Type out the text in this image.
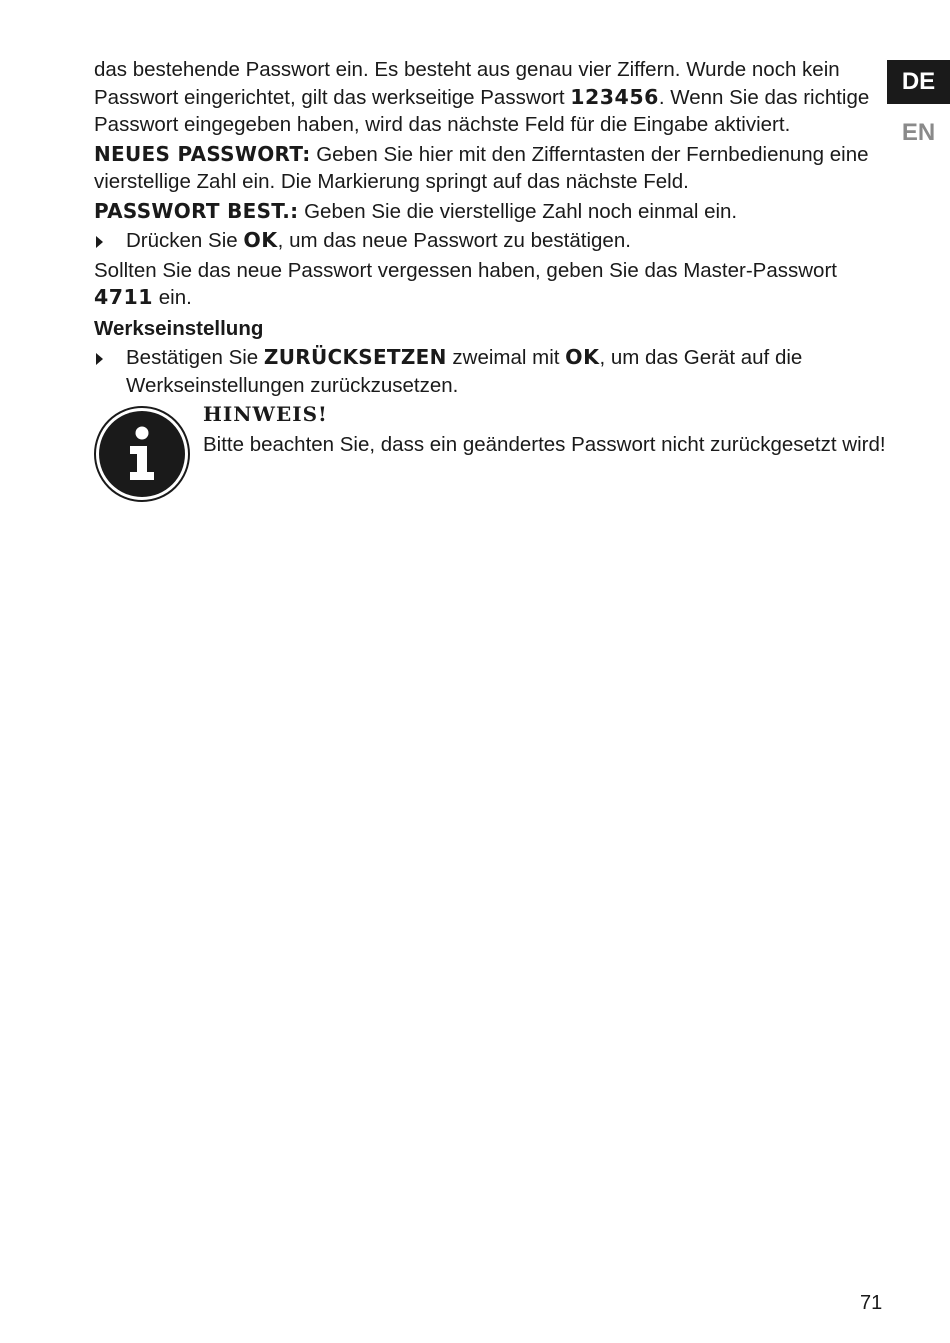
das bestehende Passwort ein. Es besteht aus genau vier Ziffern. Wurde noch kein Passwort eingerichtet, gilt das werkseitige Passwort 123456. Wenn Sie das richtige Passwort eingegeben haben, wird das nächste Feld für die Eingabe aktiviert.

NEUES PASSWORT: Geben Sie hier mit den Zifferntasten der Fernbedienung eine vierstellige Zahl ein. Die Markierung springt auf das nächste Feld.

PASSWORT BEST.: Geben Sie die vierstellige Zahl noch einmal ein.

Drücken Sie OK, um das neue Passwort zu bestätigen.

Sollten Sie das neue Passwort vergessen haben, geben Sie das Master-Passwort 4711 ein.

Werkseinstellung

Bestätigen Sie ZURÜCKSETZEN zweimal mit OK, um das Gerät auf die Werkseinstellungen zurückzusetzen.

HINWEIS!
Bitte beachten Sie, dass ein geändertes Passwort nicht zurückgesetzt wird!
DE
EN
71
